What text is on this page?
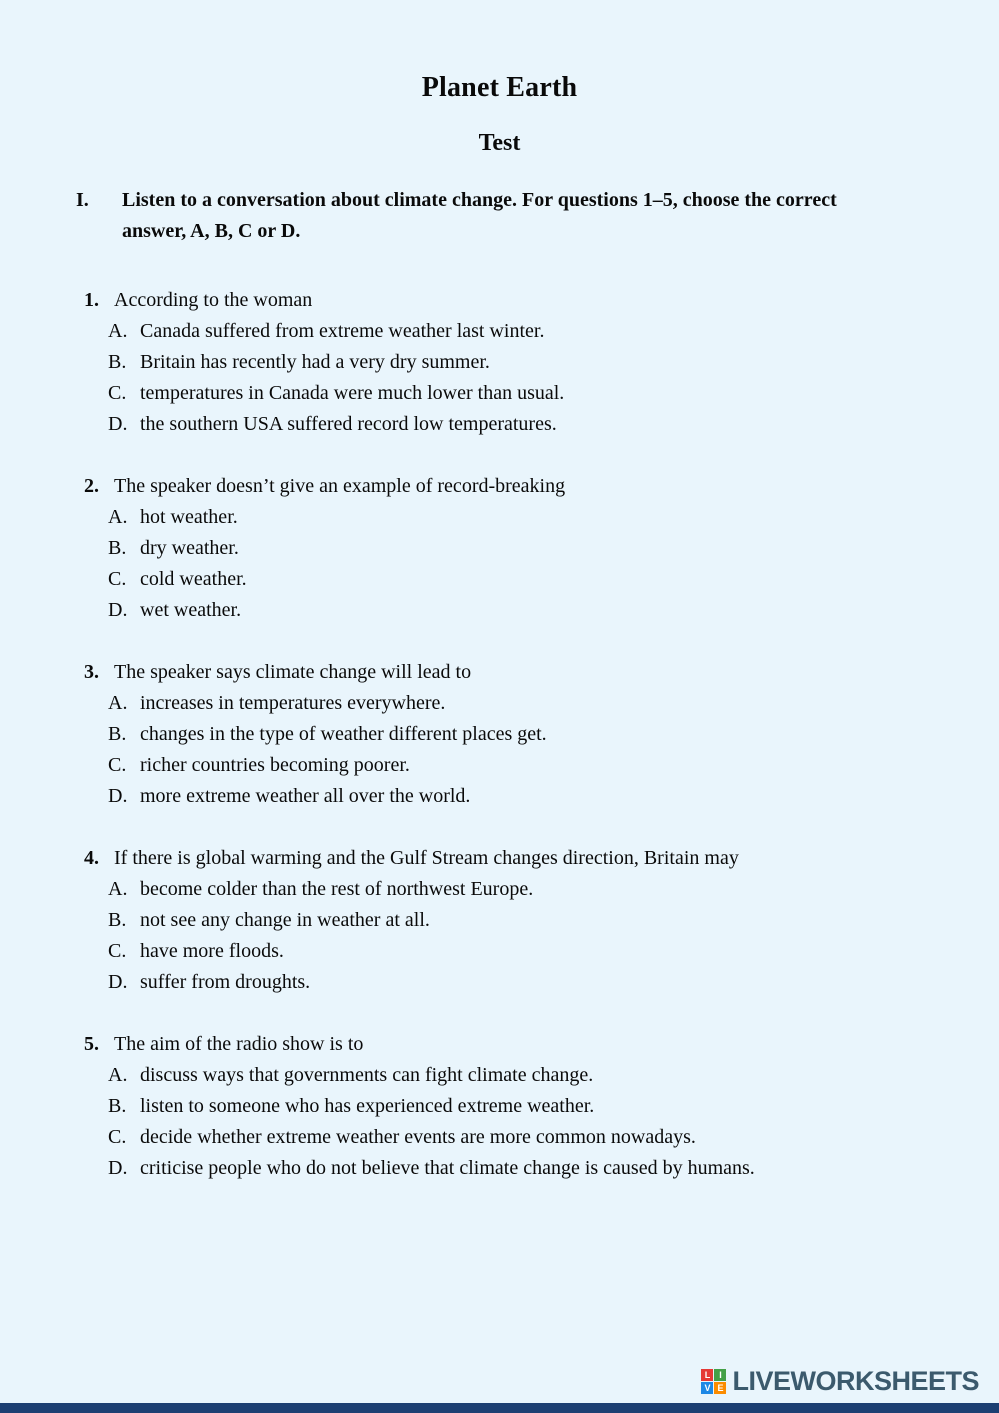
Planet Earth
Test
I.	Listen to a conversation about climate change. For questions 1–5, choose the correct answer, A, B, C or D.
1. According to the woman
A. Canada suffered from extreme weather last winter.
B. Britain has recently had a very dry summer.
C. temperatures in Canada were much lower than usual.
D. the southern USA suffered record low temperatures.
2. The speaker doesn’t give an example of record-breaking
A. hot weather.
B. dry weather.
C. cold weather.
D. wet weather.
3. The speaker says climate change will lead to
A. increases in temperatures everywhere.
B. changes in the type of weather different places get.
C. richer countries becoming poorer.
D. more extreme weather all over the world.
4. If there is global warming and the Gulf Stream changes direction, Britain may
A. become colder than the rest of northwest Europe.
B. not see any change in weather at all.
C. have more floods.
D. suffer from droughts.
5. The aim of the radio show is to
A. discuss ways that governments can fight climate change.
B. listen to someone who has experienced extreme weather.
C. decide whether extreme weather events are more common nowadays.
D. criticise people who do not believe that climate change is caused by humans.
L I
V E LIVEWORKSHEETS
